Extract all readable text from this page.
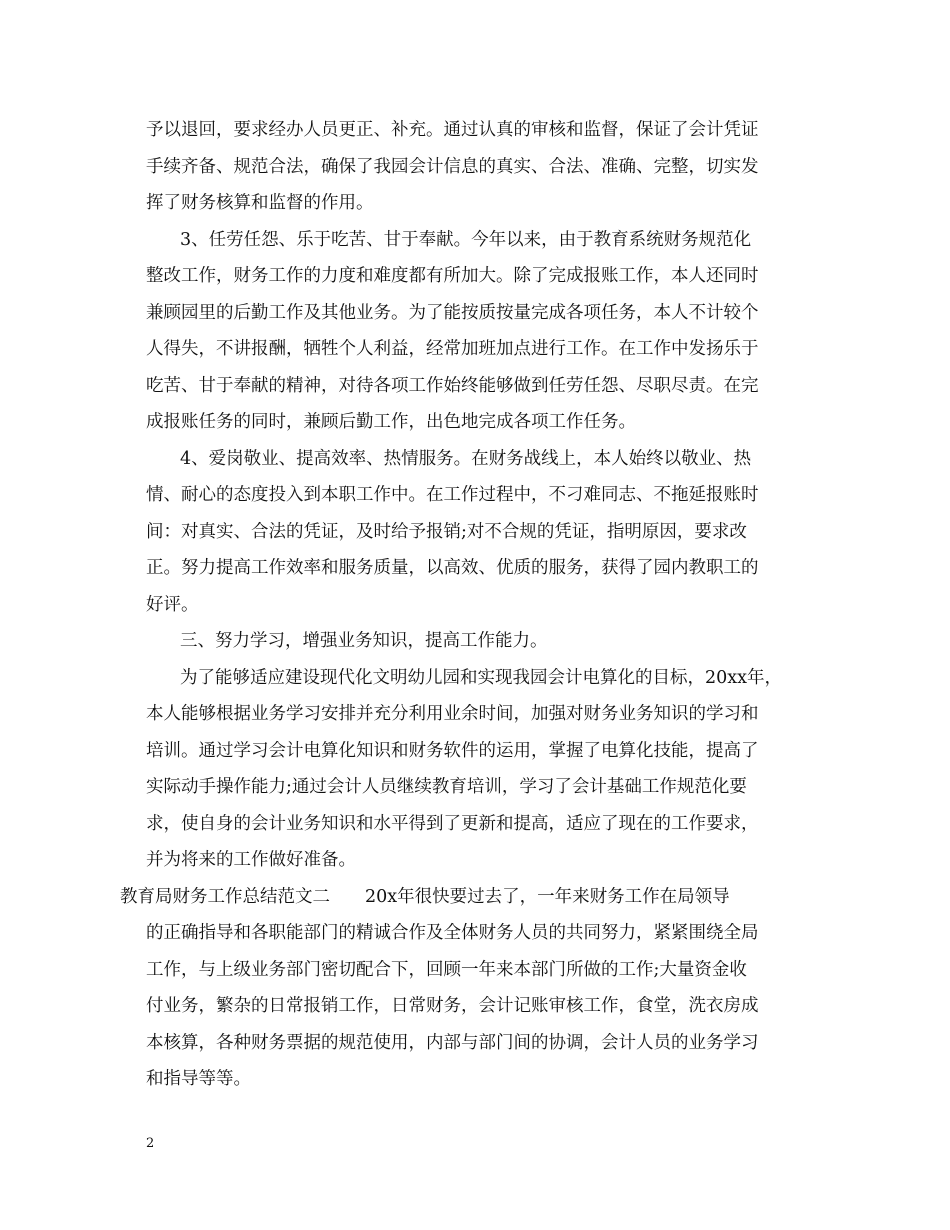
予以退回，要求经办人员更正、补充。通过认真的审核和监督，保证了会计凭证
手续齐备、规范合法，确保了我园会计信息的真实、合法、准确、完整，切实发
挥了财务核算和监督的作用。
3、任劳任怨、乐于吃苦、甘于奉献。今年以来，由于教育系统财务规范化
整改工作，财务工作的力度和难度都有所加大。除了完成报账工作，本人还同时
兼顾园里的后勤工作及其他业务。为了能按质按量完成各项任务，本人不计较个
人得失，不讲报酬，牺牲个人利益，经常加班加点进行工作。在工作中发扬乐于
吃苦、甘于奉献的精神，对待各项工作始终能够做到任劳任怨、尽职尽责。在完
成报账任务的同时，兼顾后勤工作，出色地完成各项工作任务。
4、爱岗敬业、提高效率、热情服务。在财务战线上，本人始终以敬业、热
情、耐心的态度投入到本职工作中。在工作过程中，不刁难同志、不拖延报账时
间：对真实、合法的凭证，及时给予报销;对不合规的凭证，指明原因，要求改
正。努力提高工作效率和服务质量，以高效、优质的服务，获得了园内教职工的
好评。
三、努力学习，增强业务知识，提高工作能力。
为了能够适应建设现代化文明幼儿园和实现我园会计电算化的目标，20xx年，
本人能够根据业务学习安排并充分利用业余时间，加强对财务业务知识的学习和
培训。通过学习会计电算化知识和财务软件的运用，掌握了电算化技能，提高了
实际动手操作能力;通过会计人员继续教育培训，学习了会计基础工作规范化要
求，使自身的会计业务知识和水平得到了更新和提高，适应了现在的工作要求，
并为将来的工作做好准备。
教育局财务工作总结范文二　　20x年很快要过去了，一年来财务工作在局领导
的正确指导和各职能部门的精诚合作及全体财务人员的共同努力，紧紧围绕全局
工作，与上级业务部门密切配合下，回顾一年来本部门所做的工作;大量资金收
付业务，繁杂的日常报销工作，日常财务，会计记账审核工作，食堂，洗衣房成
本核算，各种财务票据的规范使用，内部与部门间的协调，会计人员的业务学习
和指导等等。
2
